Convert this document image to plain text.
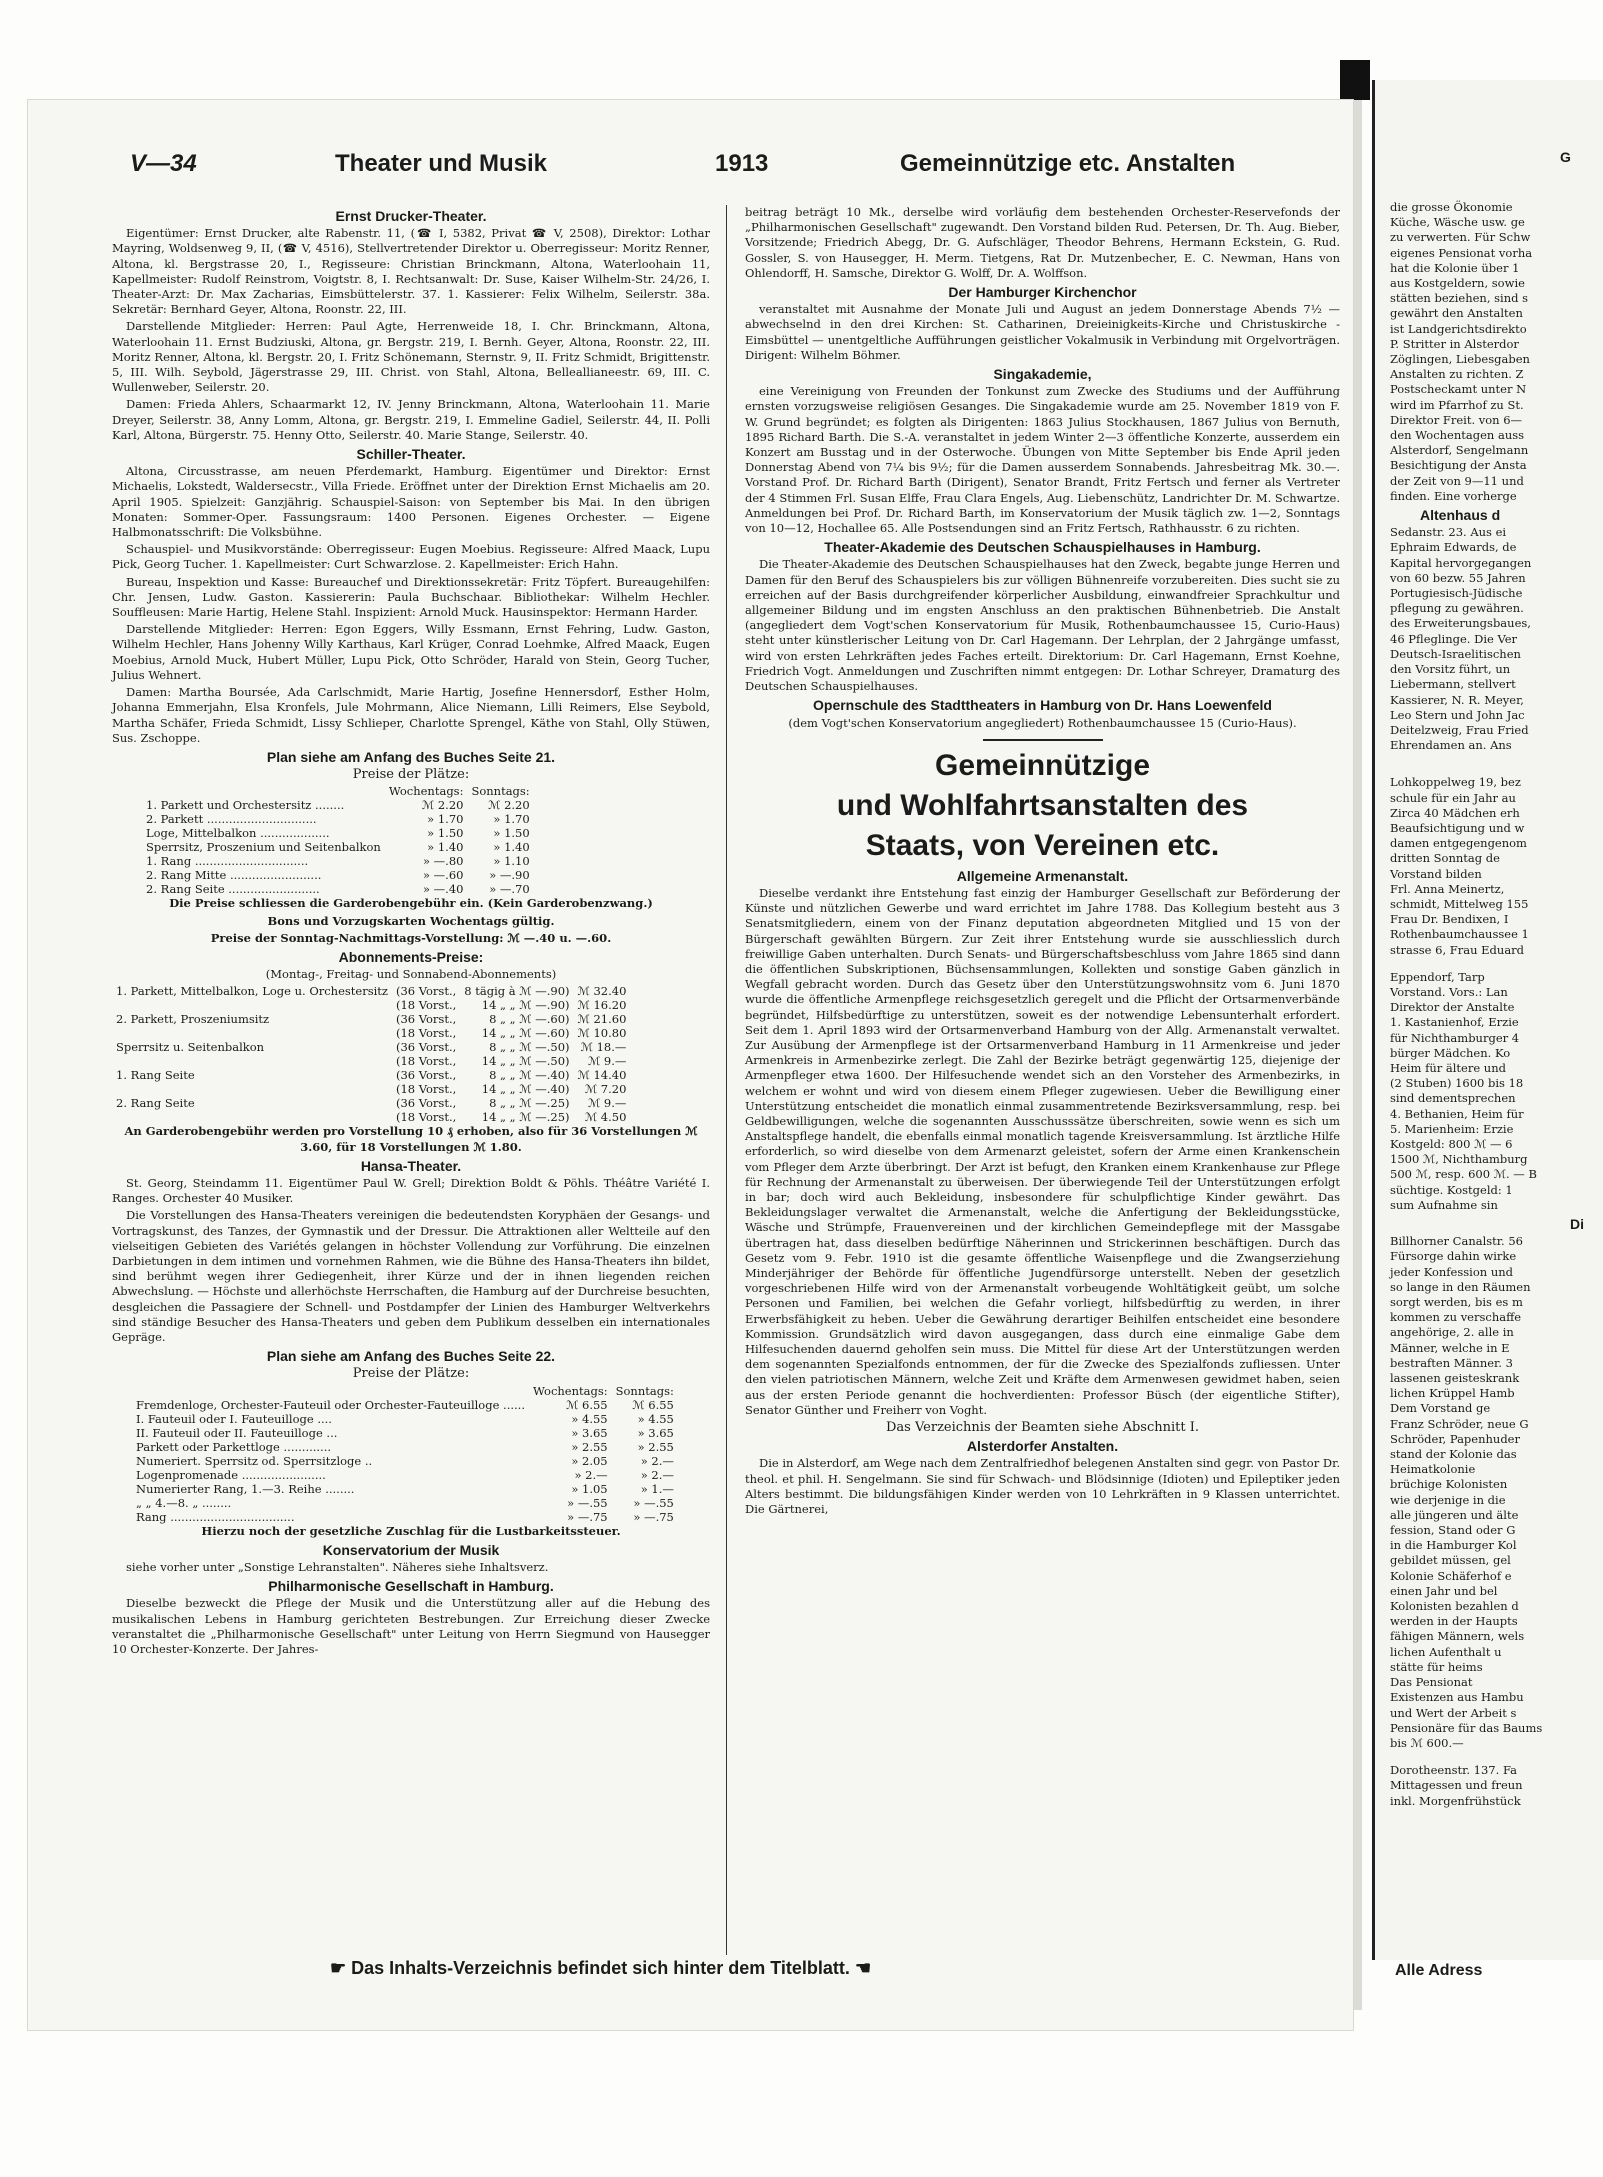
V—34	Theater und Musik	1913	Gemeinnützige etc. Anstalten
Ernst Drucker-Theater.

Eigentümer: Ernst Drucker, alte Rabenstr. 11, (☎ I, 5382, Privat ☎ V, 2508), Direktor: Lothar Mayring, Woldsenweg 9, II, (☎ V, 4516), Stellvertretender Direktor u. Oberregisseur: Moritz Renner, Altona, kl. Bergstrasse 20, I., Regisseure: Christian Brinckmann, Altona, Waterloohain 11, Kapellmeister: Rudolf Reinstrom, Voigtstr. 8, I. Rechtsanwalt: Dr. Suse, Kaiser Wilhelm-Str. 24/26, I. Theater-Arzt: Dr. Max Zacharias, Eimsbüttelerstr. 37. 1. Kassierer: Felix Wilhelm, Seilerstr. 38a. Sekretär: Bernhard Geyer, Altona, Roonstr. 22, III.

Darstellende Mitglieder: Herren: Paul Agte, Herrenweide 18, I. Chr. Brinckmann, Altona, Waterloohain 11. Ernst Budziuski, Altona, gr. Bergstr. 219, I. Bernh. Geyer, Altona, Roonstr. 22, III. Moritz Renner, Altona, kl. Bergstr. 20, I. Fritz Schönemann, Sternstr. 9, II. Fritz Schmidt, Brigittenstr. 5, III. Wilh. Seybold, Jägerstrasse 29, III. Christ. von Stahl, Altona, Belleallianeestr. 69, III. C. Wullenweber, Seilerstr. 20.

Damen: Frieda Ahlers, Schaarmarkt 12, IV. Jenny Brinckmann, Altona, Waterloohain 11. Marie Dreyer, Seilerstr. 38, Anny Lomm, Altona, gr. Bergstr. 219, I. Emmeline Gadiel, Seilerstr. 44, II. Polli Karl, Altona, Bürgerstr. 75. Henny Otto, Seilerstr. 40. Marie Stange, Seilerstr. 40.

Schiller-Theater.

Altona, Circusstrasse, am neuen Pferdemarkt, Hamburg. Eigentümer und Direktor: Ernst Michaelis, Lokstedt, Waldersecstr., Villa Friede. Eröffnet unter der Direktion Ernst Michaelis am 20. April 1905. Spielzeit: Ganzjährig. Schauspiel-Saison: von September bis Mai. In den übrigen Monaten: Sommer-Oper. Fassungsraum: 1400 Personen. Eigenes Orchester. — Eigene Halbmonatsschrift: Die Volksbühne.

Schauspiel- und Musikvorstände: Oberregisseur: Eugen Moebius. Regisseure: Alfred Maack, Lupu Pick, Georg Tucher. 1. Kapellmeister: Curt Schwarzlose. 2. Kapellmeister: Erich Hahn.

Bureau, Inspektion und Kasse: Bureauchef und Direktionssekretär: Fritz Töpfert. Bureaugehilfen: Chr. Jensen, Ludw. Gaston. Kassiererin: Paula Buchschaar. Bibliothekar: Wilhelm Hechler. Souffleusen: Marie Hartig, Helene Stahl. Inspizient: Arnold Muck. Hausinspektor: Hermann Harder.

Darstellende Mitglieder: Herren: Egon Eggers, Willy Essmann, Ernst Fehring, Ludw. Gaston, Wilhelm Hechler, Hans Johenny Willy Karthaus, Karl Krüger, Conrad Loehmke, Alfred Maack, Eugen Moebius, Arnold Muck, Hubert Müller, Lupu Pick, Otto Schröder, Harald von Stein, Georg Tucher, Julius Wehnert.

Damen: Martha Boursée, Ada Carlschmidt, Marie Hartig, Josefine Hennersdorf, Esther Holm, Johanna Emmerjahn, Elsa Kronfels, Jule Mohrmann, Alice Niemann, Lilli Reimers, Else Seybold, Martha Schäfer, Frieda Schmidt, Lissy Schlieper, Charlotte Sprengel, Käthe von Stahl, Olly Stüwen, Sus. Zschoppe.

Plan siehe am Anfang des Buches Seite 21.

Preise der Plätze:

	Wochentags:	Sonntags:
1. Parkett und Orchestersitz ........	ℳ 2.20	ℳ 2.20
2. Parkett ..............................	» 1.70	» 1.70
Loge, Mittelbalkon ...................	» 1.50	» 1.50
Sperrsitz, Proszenium und Seitenbalkon	» 1.40	» 1.40
1. Rang ...............................	» —.80	» 1.10
2. Rang Mitte .........................	» —.60	» —.90
2. Rang Seite .........................	» —.40	» —.70

Die Preise schliessen die Garderobengebühr ein. (Kein Garderobenzwang.)

Bons und Vorzugskarten Wochentags gültig.

Preise der Sonntag-Nachmittags-Vorstellung: ℳ —.40 u. —.60.

Abonnements-Preise:

(Montag-, Freitag- und Sonnabend-Abonnements)

1. Parkett, Mittelbalkon, Loge u. Orchestersitz	(36 Vorst.,	8 tägig à ℳ —.90)	ℳ 32.40
	(18 Vorst.,	14 „ „ ℳ —.90)	ℳ 16.20
2. Parkett, Proszeniumsitz	(36 Vorst.,	8 „ „ ℳ —.60)	ℳ 21.60
	(18 Vorst.,	14 „ „ ℳ —.60)	ℳ 10.80
Sperrsitz u. Seitenbalkon	(36 Vorst.,	8 „ „ ℳ —.50)	ℳ 18.—
	(18 Vorst.,	14 „ „ ℳ —.50)	ℳ 9.—
1. Rang Seite	(36 Vorst.,	8 „ „ ℳ —.40)	ℳ 14.40
	(18 Vorst.,	14 „ „ ℳ —.40)	ℳ 7.20
2. Rang Seite	(36 Vorst.,	8 „ „ ℳ —.25)	ℳ 9.—
	(18 Vorst.,	14 „ „ ℳ —.25)	ℳ 4.50

An Garderobengebühr werden pro Vorstellung 10 ₰ erhoben, also für 36 Vorstellungen ℳ 3.60, für 18 Vorstellungen ℳ 1.80.

Hansa-Theater.

St. Georg, Steindamm 11. Eigentümer Paul W. Grell; Direktion Boldt & Pöhls. Théâtre Variété I. Ranges. Orchester 40 Musiker.

Die Vorstellungen des Hansa-Theaters vereinigen die bedeutendsten Koryphäen der Gesangs- und Vortragskunst, des Tanzes, der Gymnastik und der Dressur. Die Attraktionen aller Weltteile auf den vielseitigen Gebieten des Variétés gelangen in höchster Vollendung zur Vorführung. Die einzelnen Darbietungen in dem intimen und vornehmen Rahmen, wie die Bühne des Hansa-Theaters ihn bildet, sind berühmt wegen ihrer Gediegenheit, ihrer Kürze und der in ihnen liegenden reichen Abwechslung. — Höchste und allerhöchste Herrschaften, die Hamburg auf der Durchreise besuchten, desgleichen die Passagiere der Schnell- und Postdampfer der Linien des Hamburger Weltverkehrs sind ständige Besucher des Hansa-Theaters und geben dem Publikum desselben ein internationales Gepräge.

Plan siehe am Anfang des Buches Seite 22.

Preise der Plätze:

	Wochentags:	Sonntags:
Fremdenloge, Orchester-Fauteuil oder Orchester-Fauteuilloge ......	ℳ 6.55	ℳ 6.55
I. Fauteuil oder I. Fauteuilloge ....	» 4.55	» 4.55
II. Fauteuil oder II. Fauteuilloge ...	» 3.65	» 3.65
Parkett oder Parkettloge .............	» 2.55	» 2.55
Numeriert. Sperrsitz od. Sperrsitzloge ..	» 2.05	» 2.—
Logenpromenade .......................	» 2.—	» 2.—
Numerierter Rang, 1.—3. Reihe ........	» 1.05	» 1.—
„ „ 4.—8. „ ........	» —.55	» —.55
Rang ..................................	» —.75	» —.75

Hierzu noch der gesetzliche Zuschlag für die Lustbarkeitssteuer.

Konservatorium der Musik

siehe vorher unter „Sonstige Lehranstalten". Näheres siehe Inhaltsverz.

Philharmonische Gesellschaft in Hamburg.

Dieselbe bezweckt die Pflege der Musik und die Unterstützung aller auf die Hebung des musikalischen Lebens in Hamburg gerichteten Bestrebungen. Zur Erreichung dieser Zwecke veranstaltet die „Philharmonische Gesellschaft" unter Leitung von Herrn Siegmund von Hausegger 10 Orchester-Konzerte. Der Jahres-

beitrag beträgt 10 Mk., derselbe wird vorläufig dem bestehenden Orchester-Reservefonds der „Philharmonischen Gesellschaft" zugewandt. Den Vorstand bilden Rud. Petersen, Dr. Th. Aug. Bieber, Vorsitzende; Friedrich Abegg, Dr. G. Aufschläger, Theodor Behrens, Hermann Eckstein, G. Rud. Gossler, S. von Hausegger, H. Merm. Tietgens, Rat Dr. Mutzenbecher, E. C. Newman, Hans von Ohlendorff, H. Samsche, Direktor G. Wolff, Dr. A. Wolffson.

Der Hamburger Kirchenchor

veranstaltet mit Ausnahme der Monate Juli und August an jedem Donnerstage Abends 7½ — abwechselnd in den drei Kirchen: St. Catharinen, Dreieinigkeits-Kirche und Christuskirche - Eimsbüttel — unentgeltliche Aufführungen geistlicher Vokalmusik in Verbindung mit Orgelvorträgen. Dirigent: Wilhelm Böhmer.

Singakademie,

eine Vereinigung von Freunden der Tonkunst zum Zwecke des Studiums und der Aufführung ernsten vorzugsweise religiösen Gesanges. Die Singakademie wurde am 25. November 1819 von F. W. Grund begründet; es folgten als Dirigenten: 1863 Julius Stockhausen, 1867 Julius von Bernuth, 1895 Richard Barth. Die S.-A. veranstaltet in jedem Winter 2—3 öffentliche Konzerte, ausserdem ein Konzert am Busstag und in der Osterwoche. Übungen von Mitte September bis Ende April jeden Donnerstag Abend von 7¼ bis 9½; für die Damen ausserdem Sonnabends. Jahresbeitrag Mk. 30.—. Vorstand Prof. Dr. Richard Barth (Dirigent), Senator Brandt, Fritz Fertsch und ferner als Vertreter der 4 Stimmen Frl. Susan Elffe, Frau Clara Engels, Aug. Liebenschütz, Landrichter Dr. M. Schwartze. Anmeldungen bei Prof. Dr. Richard Barth, im Konservatorium der Musik täglich zw. 1—2, Sonntags von 10—12, Hochallee 65. Alle Postsendungen sind an Fritz Fertsch, Rathhausstr. 6 zu richten.

Theater-Akademie des Deutschen Schauspielhauses in Hamburg.

Die Theater-Akademie des Deutschen Schauspielhauses hat den Zweck, begabte junge Herren und Damen für den Beruf des Schauspielers bis zur völligen Bühnenreife vorzubereiten. Dies sucht sie zu erreichen auf der Basis durchgreifender körperlicher Ausbildung, einwandfreier Sprachkultur und allgemeiner Bildung und im engsten Anschluss an den praktischen Bühnenbetrieb. Die Anstalt (angegliedert dem Vogt'schen Konservatorium für Musik, Rothenbaumchaussee 15, Curio-Haus) steht unter künstlerischer Leitung von Dr. Carl Hagemann. Der Lehrplan, der 2 Jahrgänge umfasst, wird von ersten Lehrkräften jedes Faches erteilt. Direktorium: Dr. Carl Hagemann, Ernst Koehne, Friedrich Vogt. Anmeldungen und Zuschriften nimmt entgegen: Dr. Lothar Schreyer, Dramaturg des Deutschen Schauspielhauses.

Opernschule des Stadttheaters in Hamburg von Dr. Hans Loewenfeld

(dem Vogt'schen Konservatorium angegliedert) Rothenbaumchaussee 15 (Curio-Haus).

Gemeinnützige
und Wohlfahrtsanstalten des
Staats, von Vereinen etc.
Allgemeine Armenanstalt.

Dieselbe verdankt ihre Entstehung fast einzig der Hamburger Gesellschaft zur Beförderung der Künste und nützlichen Gewerbe und ward errichtet im Jahre 1788. Das Kollegium besteht aus 3 Senatsmitgliedern, einem von der Finanz deputation abgeordneten Mitglied und 15 von der Bürgerschaft gewählten Bürgern. Zur Zeit ihrer Entstehung wurde sie ausschliesslich durch freiwillige Gaben unterhalten. Durch Senats- und Bürgerschaftsbeschluss vom Jahre 1865 sind dann die öffentlichen Subskriptionen, Büchsensammlungen, Kollekten und sonstige Gaben gänzlich in Wegfall gebracht worden. Durch das Gesetz über den Unterstützungswohnsitz vom 6. Juni 1870 wurde die öffentliche Armenpflege reichsgesetzlich geregelt und die Pflicht der Ortsarmenverbände begründet, Hilfsbedürftige zu unterstützen, soweit es der notwendige Lebensunterhalt erfordert. Seit dem 1. April 1893 wird der Ortsarmenverband Hamburg von der Allg. Armenanstalt verwaltet. Zur Ausübung der Armenpflege ist der Ortsarmenverband Hamburg in 11 Armenkreise und jeder Armenkreis in Armenbezirke zerlegt. Die Zahl der Bezirke beträgt gegenwärtig 125, diejenige der Armenpfleger etwa 1600. Der Hilfesuchende wendet sich an den Vorsteher des Armenbezirks, in welchem er wohnt und wird von diesem einem Pfleger zugewiesen. Ueber die Bewilligung einer Unterstützung entscheidet die monatlich einmal zusammentretende Bezirksversammlung, resp. bei Geldbewilligungen, welche die sogenannten Ausschusssätze überschreiten, sowie wenn es sich um Anstaltspflege handelt, die ebenfalls einmal monatlich tagende Kreisversammlung. Ist ärztliche Hilfe erforderlich, so wird dieselbe von dem Armenarzt geleistet, sofern der Arme einen Krankenschein vom Pfleger dem Arzte überbringt. Der Arzt ist befugt, den Kranken einem Krankenhause zur Pflege für Rechnung der Armenanstalt zu überweisen. Der überwiegende Teil der Unterstützungen erfolgt in bar; doch wird auch Bekleidung, insbesondere für schulpflichtige Kinder gewährt. Das Bekleidungslager verwaltet die Armenanstalt, welche die Anfertigung der Bekleidungsstücke, Wäsche und Strümpfe, Frauenvereinen und der kirchlichen Gemeindepflege mit der Massgabe übertragen hat, dass dieselben bedürftige Näherinnen und Strickerinnen beschäftigen. Durch das Gesetz vom 9. Febr. 1910 ist die gesamte öffentliche Waisenpflege und die Zwangserziehung Minderjähriger der Behörde für öffentliche Jugendfürsorge unterstellt. Neben der gesetzlich vorgeschriebenen Hilfe wird von der Armenanstalt vorbeugende Wohltätigkeit geübt, um solche Personen und Familien, bei welchen die Gefahr vorliegt, hilfsbedürftig zu werden, in ihrer Erwerbsfähigkeit zu heben. Ueber die Gewährung derartiger Beihilfen entscheidet eine besondere Kommission. Grundsätzlich wird davon ausgegangen, dass durch eine einmalige Gabe dem Hilfesuchenden dauernd geholfen sein muss. Die Mittel für diese Art der Unterstützungen werden dem sogenannten Spezialfonds entnommen, der für die Zwecke des Spezialfonds zufliessen. Unter den vielen patriotischen Männern, welche Zeit und Kräfte dem Armenwesen gewidmet haben, seien aus der ersten Periode genannt die hochverdienten: Professor Büsch (der eigentliche Stifter), Senator Günther und Freiherr von Voght.

Das Verzeichnis der Beamten siehe Abschnitt I.

Alsterdorfer Anstalten.

Die in Alsterdorf, am Wege nach dem Zentralfriedhof belegenen Anstalten sind gegr. von Pastor Dr. theol. et phil. H. Sengelmann. Sie sind für Schwach- und Blödsinnige (Idioten) und Epileptiker jeden Alters bestimmt. Die bildungsfähigen Kinder werden von 10 Lehrkräften in 9 Klassen unterrichtet. Die Gärtnerei,

G
die grosse Ökonomie
Küche, Wäsche usw. ge
zu verwerten. Für Schw
eigenes Pensionat vorha
hat die Kolonie über 1
aus Kostgeldern, sowie
stätten beziehen, sind s
gewährt den Anstalten
ist Landgerichtsdirekto
P. Stritter in Alsterdor
Zöglingen, Liebesgaben
Anstalten zu richten. Z
Postscheckamt unter N
wird im Pfarrhof zu St.
Direktor Freit. von 6—
den Wochentagen auss
Alsterdorf, Sengelmann
Besichtigung der Ansta
der Zeit von 9—11 und
finden. Eine vorherge
Altenhaus d
Sedanstr. 23. Aus ei
Ephraim Edwards, de
Kapital hervorgegangen
von 60 bezw. 55 Jahren
Portugiesisch-Jüdische
pflegung zu gewähren.
des Erweiterungsbaues,
46 Pfleglinge. Die Ver
Deutsch-Israelitischen
den Vorsitz führt, un
Liebermann, stellvert
Kassierer, N. R. Meyer,
Leo Stern und John Jac
Deitelzweig, Frau Fried
Ehrendamen an. Ans
Lohkoppelweg 19, bez
schule für ein Jahr au
Zirca 40 Mädchen erh
Beaufsichtigung und w
damen entgegengenom
dritten Sonntag de
Vorstand bilden
Frl. Anna Meinertz,
schmidt, Mittelweg 155
Frau Dr. Bendixen, I
Rothenbaumchaussee 1
strasse 6, Frau Eduard
Eppendorf, Tarp
Vorstand. Vors.: Lan
Direktor der Anstalte
1. Kastanienhof, Erzie
für Nichthamburger 4
bürger Mädchen. Ko
Heim für ältere und
(2 Stuben) 1600 bis 18
sind dementsprechen
4. Bethanien, Heim für
5. Marienheim: Erzie
Kostgeld: 800 ℳ — 6
1500 ℳ, Nichthamburg
500 ℳ, resp. 600 ℳ. — B
süchtige. Kostgeld: 1
sum Aufnahme sin
Di
Billhorner Canalstr. 56
Fürsorge dahin wirke
jeder Konfession und
so lange in den Räumen
sorgt werden, bis es m
kommen zu verschaffe
angehörige, 2. alle in
Männer, welche in E
bestraften Männer. 3
lassenen geisteskrank
lichen Krüppel Hamb
Dem Vorstand ge
Franz Schröder, neue G
Schröder, Papenhuder
stand der Kolonie das
Heimatkolonie
brüchige Kolonisten
wie derjenige in die
alle jüngeren und älte
fession, Stand oder G
in die Hamburger Kol
gebildet müssen, gel
Kolonie Schäferhof e
einen Jahr und bel
Kolonisten bezahlen d
werden in der Haupts
fähigen Männern, wels
lichen Aufenthalt u
stätte für heims
Das Pensionat
Existenzen aus Hambu
und Wert der Arbeit s
Pensionäre für das Baums
bis ℳ 600.—
Dorotheenstr. 137. Fa
Mittagessen und freun
inkl. Morgenfrühstück
☛ Das Inhalts-Verzeichnis befindet sich hinter dem Titelblatt. ☚	Alle Adress
